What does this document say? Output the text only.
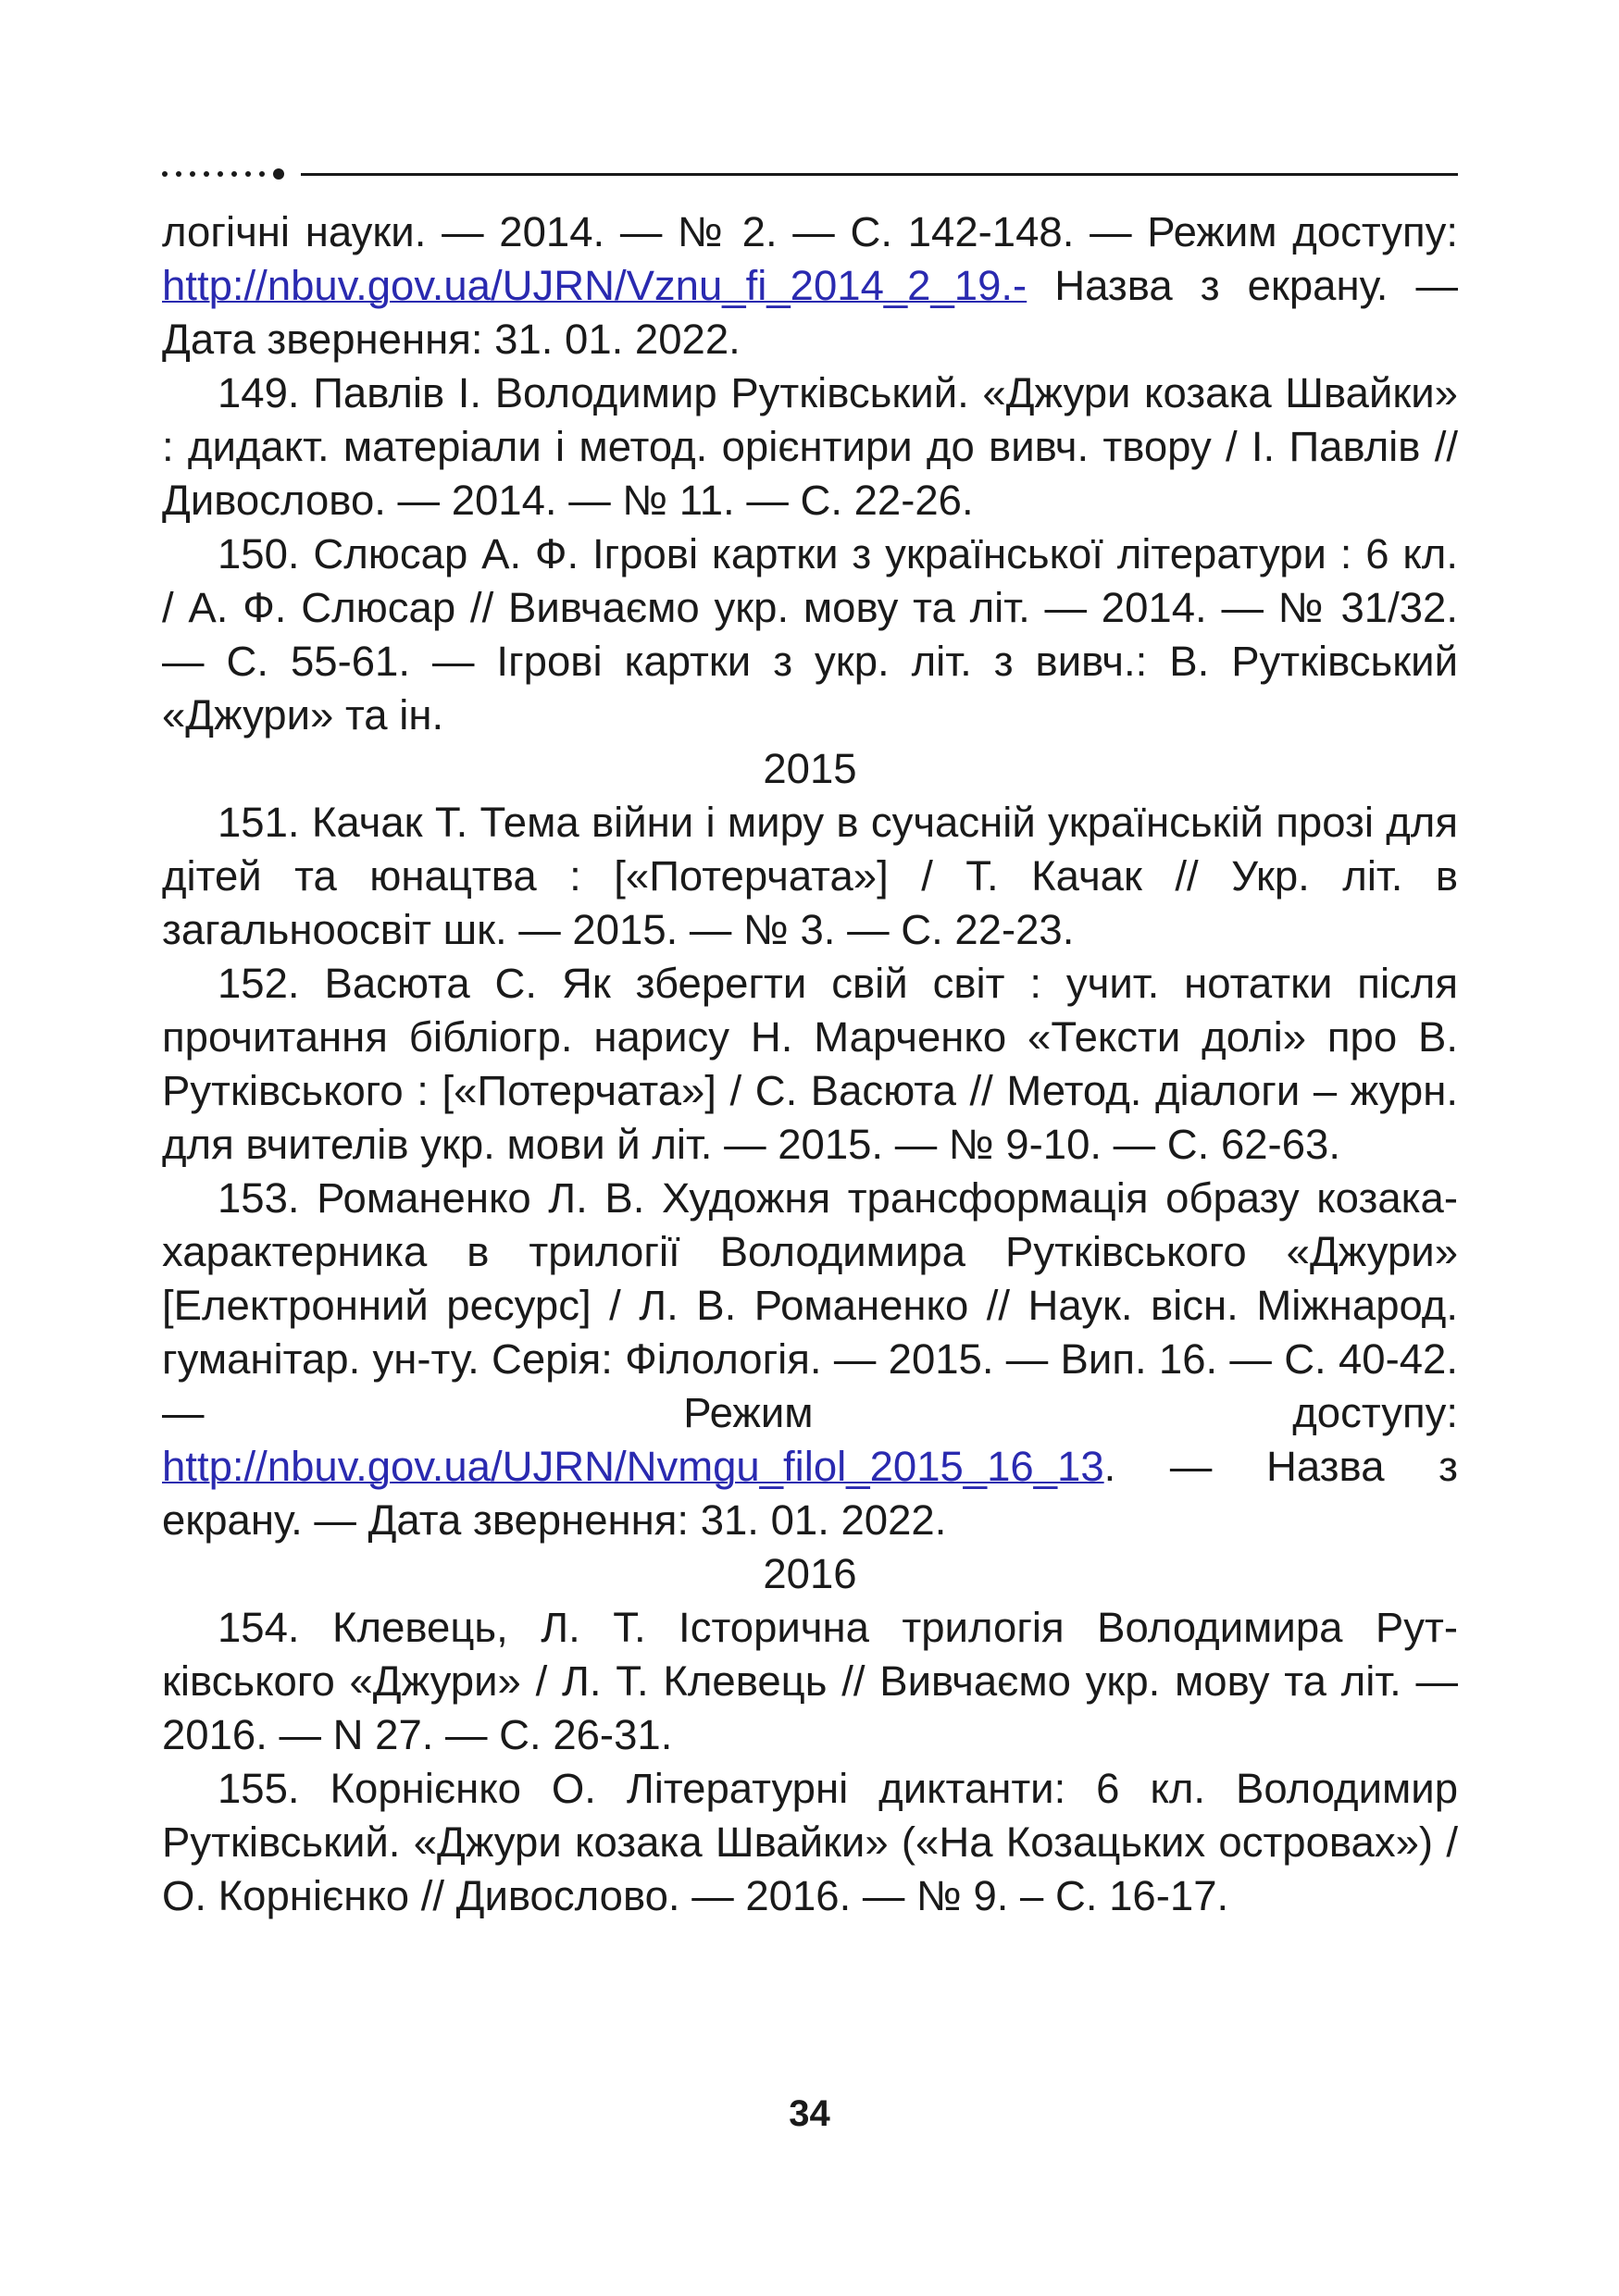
логічні науки. — 2014. — № 2. — С. 142-148. — Режим доступу: http://nbuv.gov.ua/UJRN/Vznu_fi_2014_2_19.- Назва з екрану. — Дата звернення: 31. 01. 2022.

149. Павлів І. Володимир Рутківський. «Джури козака Швайки» : дидакт. матеріали і метод. орієнтири до вивч. твору / І. Павлів // Дивослово. — 2014. — № 11. — С. 22-26.

150. Слюсар А. Ф. Ігрові картки з української літератури : 6 кл. / А. Ф. Слюсар // Вивчаємо укр. мову та літ. — 2014. — № 31/32. — С. 55-61. — Ігрові картки з укр. літ. з вивч.: В. Рутківський «Джури» та ін.

2015

151. Качак Т. Тема війни і миру в сучасній українській прозі для дітей та юнацтва : [«Потерчата»] / Т. Качак // Укр. літ. в загальноосвіт шк. — 2015. — № 3. — С. 22-23.

152. Васюта С. Як зберегти свій світ : учит. нотатки після прочитання бібліогр. нарису Н. Марченко «Тексти долі» про В. Рутківського : [«Потерчата»] / С. Васюта // Метод. діалоги – журн. для вчителів укр. мови й літ. — 2015. — № 9-10. — С. 62-63.

153. Романенко Л. В. Художня трансформація образу козака-характерника в трилогії Володимира Рутківського «Джури» [Електронний ресурс] / Л. В. Романенко // Наук. вісн. Міжнарод. гуманітар. ун-ту. Серія: Філологія. — 2015. — Вип. 16. — С. 40-42. — Режим доступу: http://nbuv.gov.ua/UJRN/Nvmgu_filol_2015_16_13. — Назва з екрану. — Дата звернення: 31. 01. 2022.

2016

154. Клевець, Л. Т. Історична трилогія Володимира Рутківського «Джури» / Л. Т. Клевець // Вивчаємо укр. мову та літ. — 2016. — N 27. — С. 26-31.

155. Корнієнко О. Літературні диктанти: 6 кл. Володимир Рутківський. «Джури козака Швайки» («На Козацьких островах») / О. Корнієнко // Дивослово. — 2016. — № 9. – С. 16-17.

34
